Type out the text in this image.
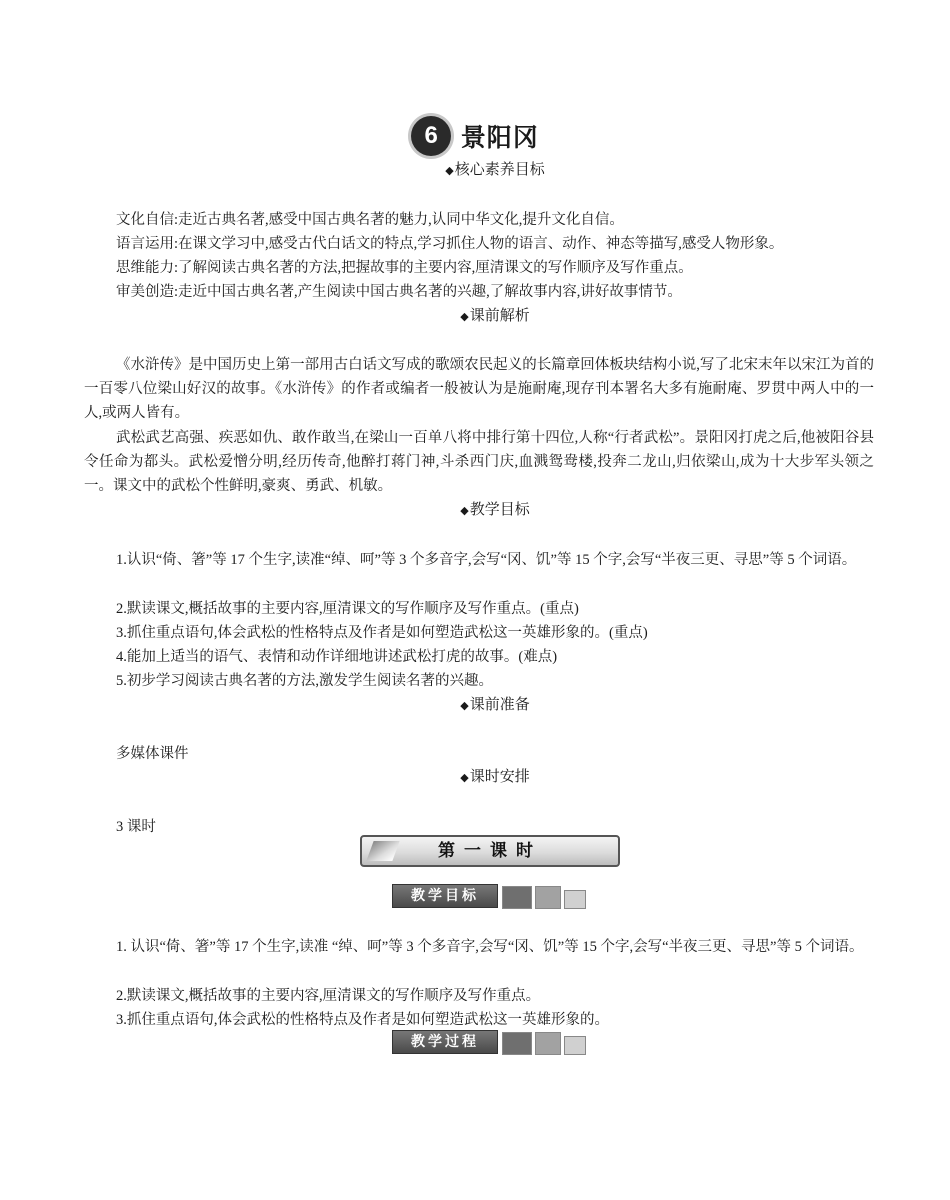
6 景阳冈
◆核心素养目标
文化自信:走近古典名著,感受中国古典名著的魅力,认同中华文化,提升文化自信。
语言运用:在课文学习中,感受古代白话文的特点,学习抓住人物的语言、动作、神态等描写,感受人物形象。
思维能力:了解阅读古典名著的方法,把握故事的主要内容,厘清课文的写作顺序及写作重点。
审美创造:走近中国古典名著,产生阅读中国古典名著的兴趣,了解故事内容,讲好故事情节。
◆课前解析
《水浒传》是中国历史上第一部用古白话文写成的歌颂农民起义的长篇章回体板块结构小说,写了北宋末年以宋江为首的一百零八位梁山好汉的故事。《水浒传》的作者或编者一般被认为是施耐庵,现存刊本署名大多有施耐庵、罗贯中两人中的一人,或两人皆有。
武松武艺高强、疾恶如仇、敢作敢当,在梁山一百单八将中排行第十四位,人称“行者武松”。景阳冈打虎之后,他被阳谷县令任命为都头。武松爱憎分明,经历传奇,他醉打蒋门神,斗杀西门庆,血溅鸳鸯楼,投奔二龙山,归依梁山,成为十大步军头领之一。课文中的武松个性鲜明,豪爽、勇武、机敏。
◆教学目标
1.认识“倚、箸”等 17 个生字,读准“绰、呵”等 3 个多音字,会写“冈、饥”等 15 个字,会写“半夜三更、寻思”等 5 个词语。
2.默读课文,概括故事的主要内容,厘清课文的写作顺序及写作重点。(重点)
3.抓住重点语句,体会武松的性格特点及作者是如何塑造武松这一英雄形象的。(重点)
4.能加上适当的语气、表情和动作详细地讲述武松打虎的故事。(难点)
5.初步学习阅读古典名著的方法,激发学生阅读名著的兴趣。
◆课前准备
多媒体课件
◆课时安排
3 课时
第一课时
教学目标
1. 认识“倚、箸”等 17 个生字,读准 “绰、呵”等 3 个多音字,会写“冈、饥”等 15 个字,会写“半夜三更、寻思”等 5 个词语。
2.默读课文,概括故事的主要内容,厘清课文的写作顺序及写作重点。
3.抓住重点语句,体会武松的性格特点及作者是如何塑造武松这一英雄形象的。
教学过程
